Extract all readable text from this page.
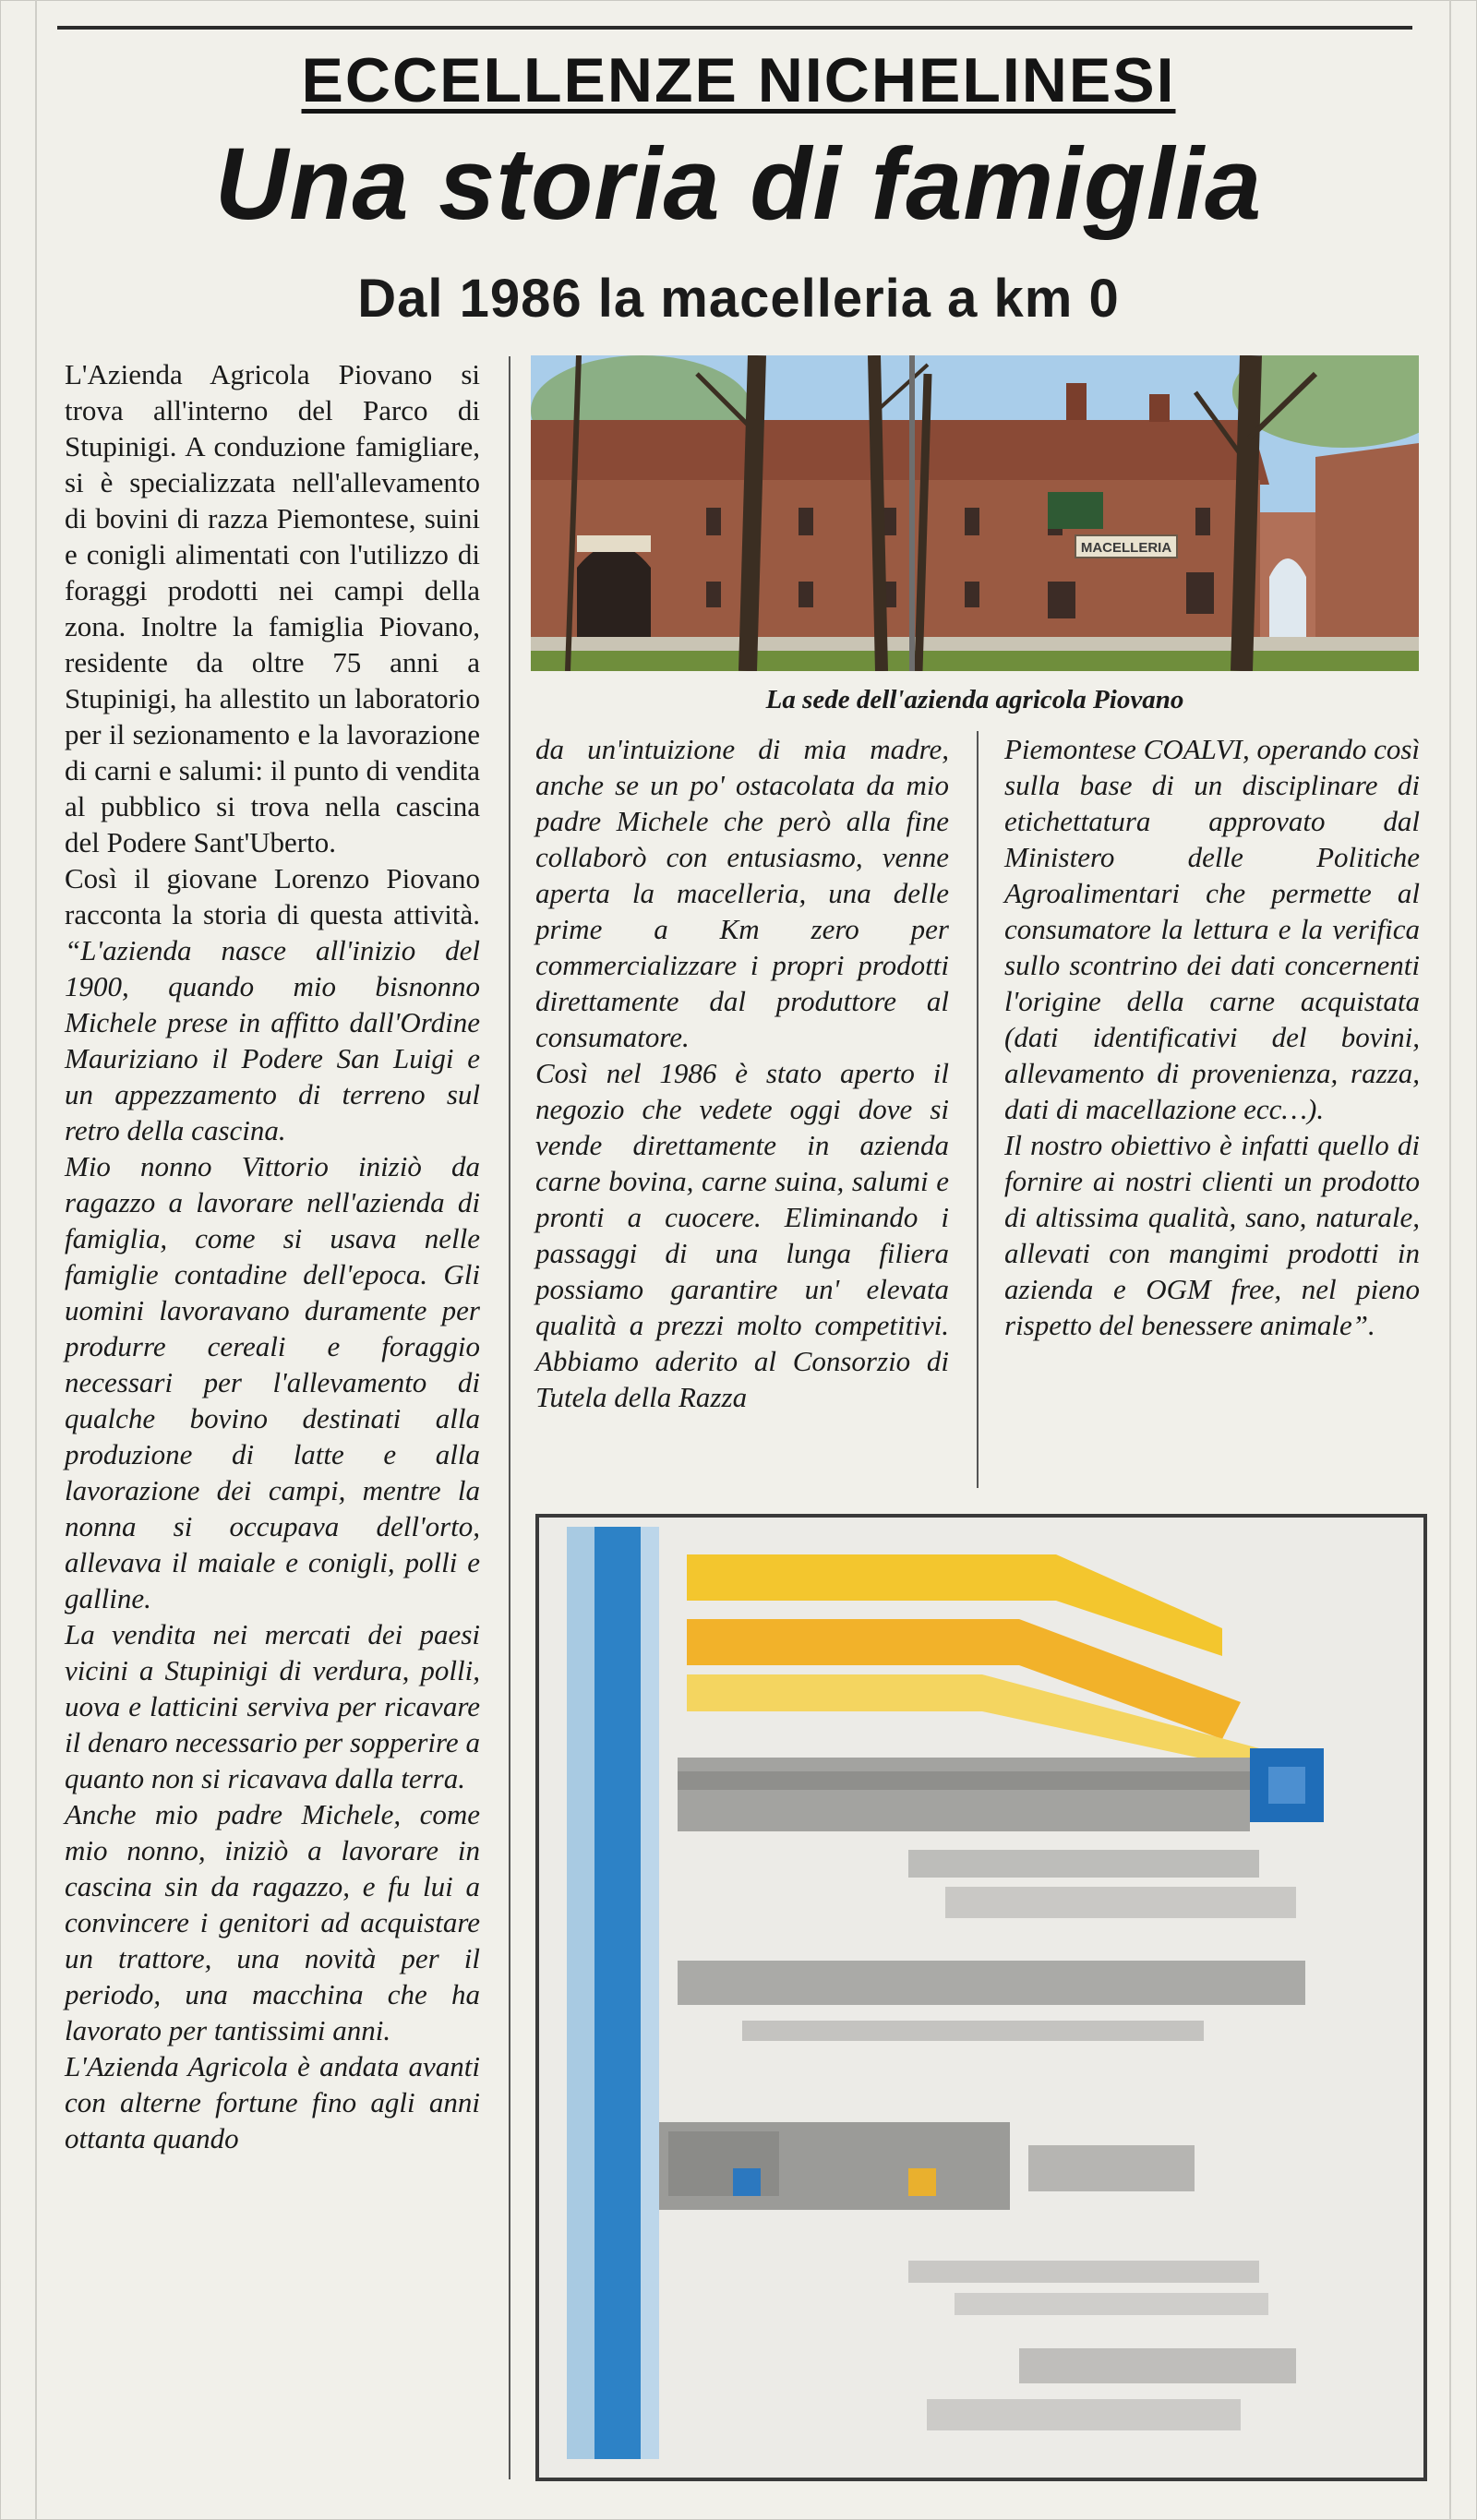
ECCELLENZE NICHELINESI
Una storia di famiglia
Dal 1986 la macelleria a km 0

L'Azienda Agricola Piovano si trova all'interno del Parco di Stupinigi. A conduzione famigliare, si è specializzata nell'allevamento di bovini di razza Piemontese, suini e conigli alimentati con l'utilizzo di foraggi prodotti nei campi della zona. Inoltre la famiglia Piovano, residente da oltre 75 anni a Stupinigi, ha allestito un laboratorio per il sezionamento e la lavorazione di carni e salumi: il punto di vendita al pubblico si trova nella cascina del Podere Sant'Uberto.

Così il giovane Lorenzo Piovano racconta la storia di questa attività. “L'azienda nasce all'inizio del 1900, quando mio bisnonno Michele prese in affitto dall'Ordine Mauriziano il Podere San Luigi e un appezzamento di terreno sul retro della cascina.

Mio nonno Vittorio iniziò da ragazzo a lavorare nell'azienda di famiglia, come si usava nelle famiglie contadine dell'epoca. Gli uomini lavoravano duramente per produrre cereali e foraggio necessari per l'allevamento di qualche bovino destinati alla produzione di latte e alla lavorazione dei campi, mentre la nonna si occupava dell'orto, allevava il maiale e conigli, polli e galline.

La vendita nei mercati dei paesi vicini a Stupinigi di verdura, polli, uova e latticini serviva per ricavare il denaro necessario per sopperire a quanto non si ricavava dalla terra.

Anche mio padre Michele, come mio nonno, iniziò a lavorare in cascina sin da ragazzo, e fu lui a convincere i genitori ad acquistare un trattore, una novità per il periodo, una macchina che ha lavorato per tantissimi anni.

L'Azienda Agricola è andata avanti con alterne fortune fino agli anni ottanta quando

MACELLERIA
La sede dell'azienda agricola Piovano

da un'intuizione di mia madre, anche se un po' ostacolata da mio padre Michele che però alla fine collaborò con entusiasmo, venne aperta la macelleria, una delle prime a Km zero per commercializzare i propri prodotti direttamente dal produttore al consumatore.

Così nel 1986 è stato aperto il negozio che vedete oggi dove si vende direttamente in azienda carne bovina, carne suina, salumi e pronti a cuocere. Eliminando i passaggi di una lunga filiera possiamo garantire un' elevata qualità a prezzi molto competitivi. Abbiamo aderito al Consorzio di Tutela della Razza

Piemontese COALVI, operando così sulla base di un disciplinare di etichettatura approvato dal Ministero delle Politiche Agroalimentari che permette al consumatore la lettura e la verifica sullo scontrino dei dati concernenti l'origine della carne acquistata (dati identificativi del bovini, allevamento di provenienza, razza, dati di macellazione ecc…).

Il nostro obiettivo è infatti quello di fornire ai nostri clienti un prodotto di altissima qualità, sano, naturale, allevati con mangimi prodotti in azienda e OGM free, nel pieno rispetto del benessere animale”.
